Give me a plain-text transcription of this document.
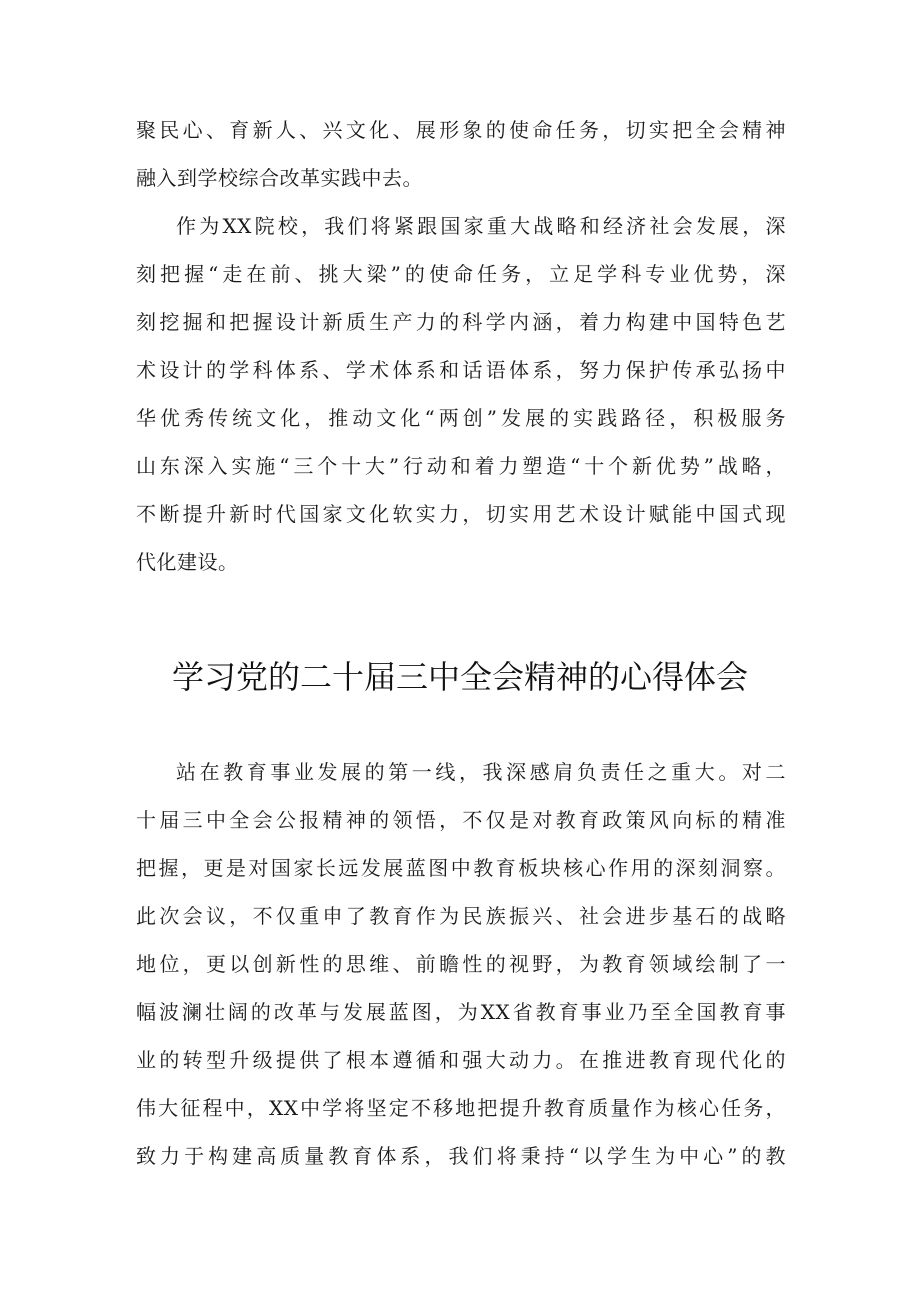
聚民心、育新人、兴文化、展形象的使命任务，切实把全会精神
融入到学校综合改革实践中去。
作为XX院校，我们将紧跟国家重大战略和经济社会发展，深
刻把握“走在前、挑大梁”的使命任务，立足学科专业优势，深
刻挖掘和把握设计新质生产力的科学内涵，着力构建中国特色艺
术设计的学科体系、学术体系和话语体系，努力保护传承弘扬中
华优秀传统文化，推动文化“两创”发展的实践路径，积极服务
山东深入实施“三个十大”行动和着力塑造“十个新优势”战略，
不断提升新时代国家文化软实力，切实用艺术设计赋能中国式现
代化建设。
学习党的二十届三中全会精神的心得体会
站在教育事业发展的第一线，我深感肩负责任之重大。对二
十届三中全会公报精神的领悟，不仅是对教育政策风向标的精准
把握，更是对国家长远发展蓝图中教育板块核心作用的深刻洞察。
此次会议，不仅重申了教育作为民族振兴、社会进步基石的战略
地位，更以创新性的思维、前瞻性的视野，为教育领域绘制了一
幅波澜壮阔的改革与发展蓝图，为XX省教育事业乃至全国教育事
业的转型升级提供了根本遵循和强大动力。在推进教育现代化的
伟大征程中，XX中学将坚定不移地把提升教育质量作为核心任务，
致力于构建高质量教育体系，我们将秉持“以学生为中心”的教
